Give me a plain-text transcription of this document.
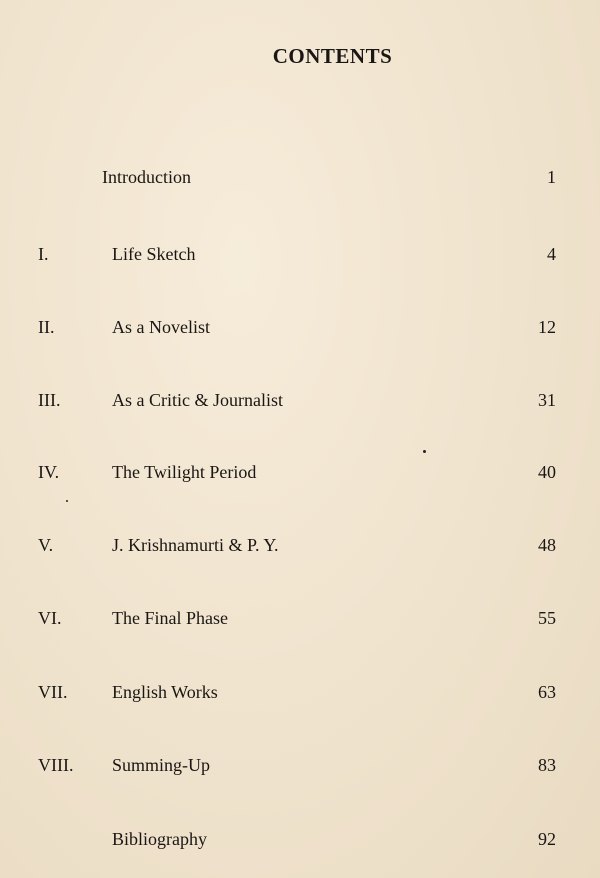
CONTENTS
Introduction	1
I.	Life Sketch	4
II.	As a Novelist	12
III.	As a Critic & Journalist	31
IV.	The Twilight Period	40
V.	J. Krishnamurti & P. Y.	48
VI.	The Final Phase	55
VII. English Works	63
VIII. Summing-Up	83
Bibliography	92
